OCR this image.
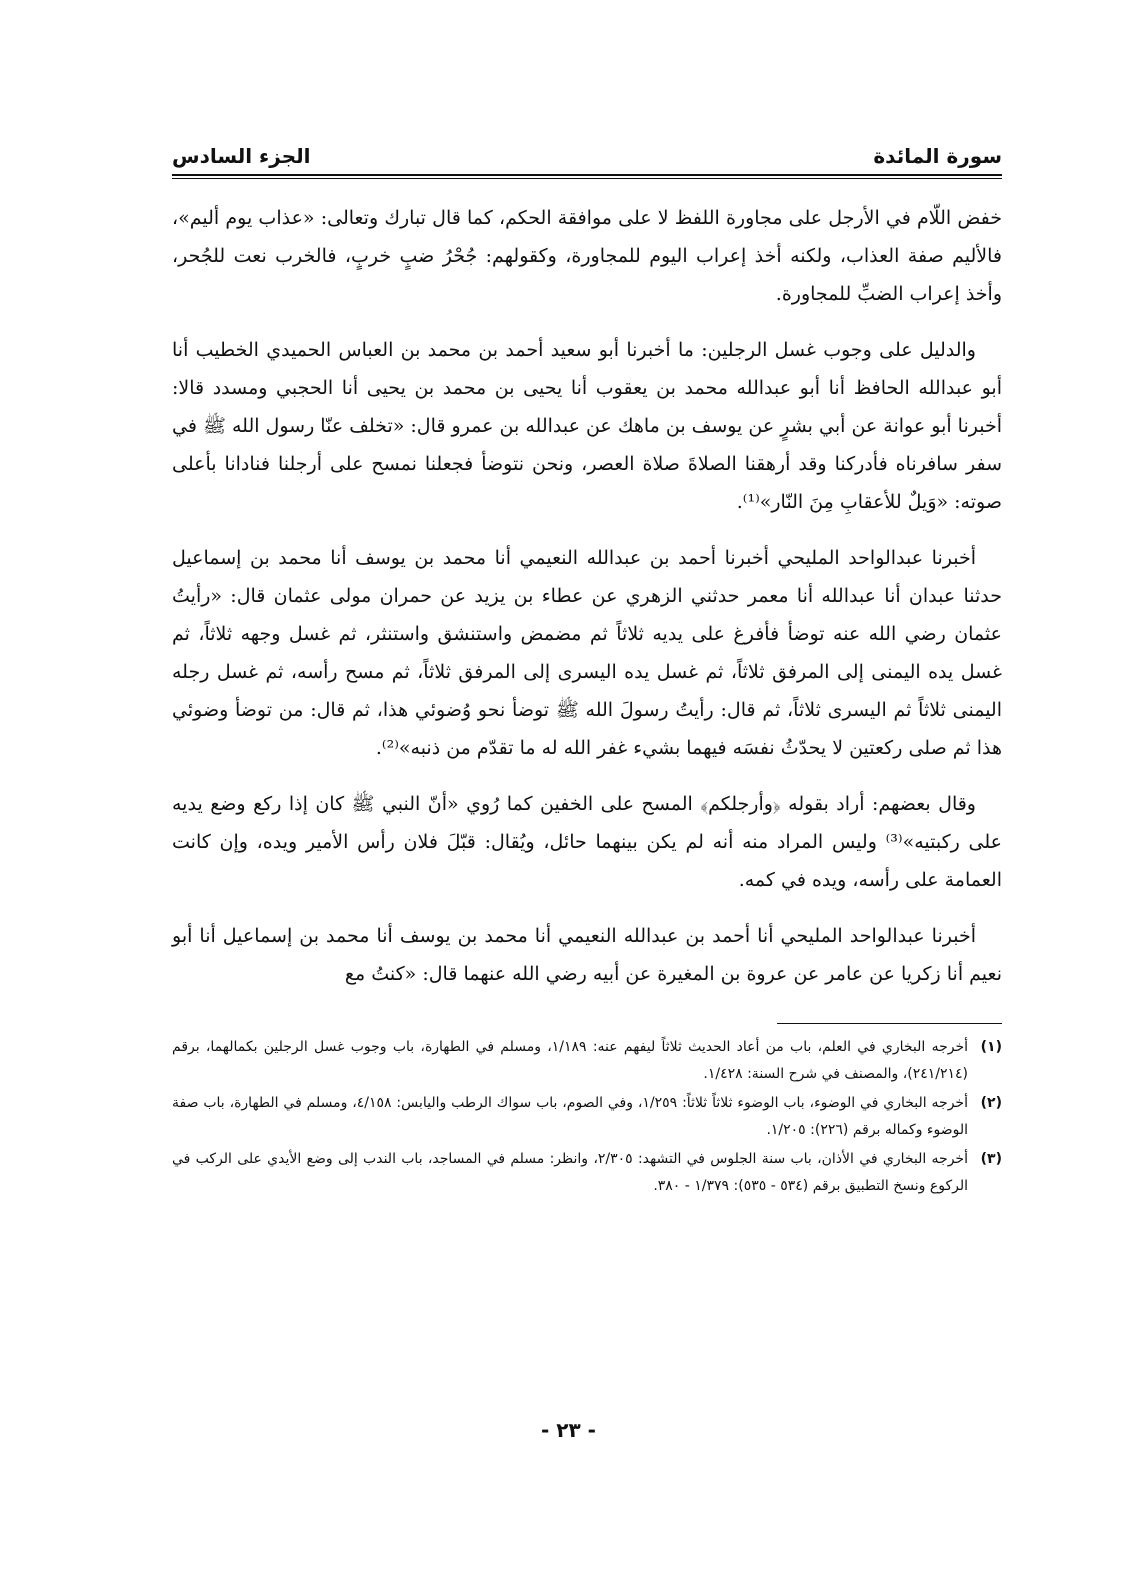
سورة المائدة
الجزء السادس

خفض اللّام في الأرجل على مجاورة اللفظ لا على موافقة الحكم، كما قال تبارك وتعالى: «عذاب يوم أليم»، فالأليم صفة العذاب، ولكنه أخذ إعراب اليوم للمجاورة، وكقولهم: جُحْرُ ضبٍ خربٍ، فالخرب نعت للجُحر، وأخذ إعراب الضبِّ للمجاورة.

والدليل على وجوب غسل الرجلين: ما أخبرنا أبو سعيد أحمد بن محمد بن العباس الحميدي الخطيب أنا أبو عبدالله الحافظ أنا أبو عبدالله محمد بن يعقوب أنا يحيى بن محمد بن يحيى أنا الحجبي ومسدد قالا: أخبرنا أبو عوانة عن أبي بشرٍ عن يوسف بن ماهك عن عبدالله بن عمرو قال: «تخلف عنّا رسول الله ﷺ في سفر سافرناه فأدركنا وقد أرهقنا الصلاةَ صلاة العصر، ونحن نتوضأ فجعلنا نمسح على أرجلنا فنادانا بأعلى صوته: «وَيلٌ للأعقابِ مِنَ النّار»⁽¹⁾.

أخبرنا عبدالواحد المليحي أخبرنا أحمد بن عبدالله النعيمي أنا محمد بن يوسف أنا محمد بن إسماعيل حدثنا عبدان أنا عبدالله أنا معمر حدثني الزهري عن عطاء بن يزيد عن حمران مولى عثمان قال: «رأيتُ عثمان رضي الله عنه توضأ فأفرغ على يديه ثلاثاً ثم مضمض واستنشق واستنثر، ثم غسل وجهه ثلاثاً، ثم غسل يده اليمنى إلى المرفق ثلاثاً، ثم غسل يده اليسرى إلى المرفق ثلاثاً، ثم مسح رأسه، ثم غسل رجله اليمنى ثلاثاً ثم اليسرى ثلاثاً، ثم قال: رأيتُ رسولَ الله ﷺ توضأ نحو وُضوئي هذا، ثم قال: من توضأ وضوئي هذا ثم صلى ركعتين لا يحدّثُ نفسَه فيهما بشيء غفر الله له ما تقدّم من ذنبه»⁽²⁾.

وقال بعضهم: أراد بقوله ﴿وأرجلكم﴾ المسح على الخفين كما رُوي «أنّ النبي ﷺ كان إذا ركع وضع يديه على ركبتيه»⁽³⁾ وليس المراد منه أنه لم يكن بينهما حائل، ويُقال: قبّلَ فلان رأس الأمير ويده، وإن كانت العمامة على رأسه، ويده في كمه.

أخبرنا عبدالواحد المليحي أنا أحمد بن عبدالله النعيمي أنا محمد بن يوسف أنا محمد بن إسماعيل أنا أبو نعيم أنا زكريا عن عامر عن عروة بن المغيرة عن أبيه رضي الله عنهما قال: «كنتُ مع

(١)
أخرجه البخاري في العلم، باب من أعاد الحديث ثلاثاً ليفهم عنه: ١/١٨٩، ومسلم في الطهارة، باب وجوب غسل الرجلين بكمالهما، برقم (٢٤١/٢١٤)، والمصنف في شرح السنة: ١/٤٢٨.
(٢)
أخرجه البخاري في الوضوء، باب الوضوء ثلاثاً ثلاثاً: ١/٢٥٩، وفي الصوم، باب سواك الرطب واليابس: ٤/١٥٨، ومسلم في الطهارة، باب صفة الوضوء وكماله برقم (٢٢٦): ١/٢٠٥.
(٣)
أخرجه البخاري في الأذان، باب سنة الجلوس في التشهد: ٢/٣٠٥، وانظر: مسلم في المساجد، باب الندب إلى وضع الأيدي على الركب في الركوع ونسخ التطبيق برقم (٥٣٤ - ٥٣٥): ١/٣٧٩ - ٣٨٠.
- ٢٣ -
